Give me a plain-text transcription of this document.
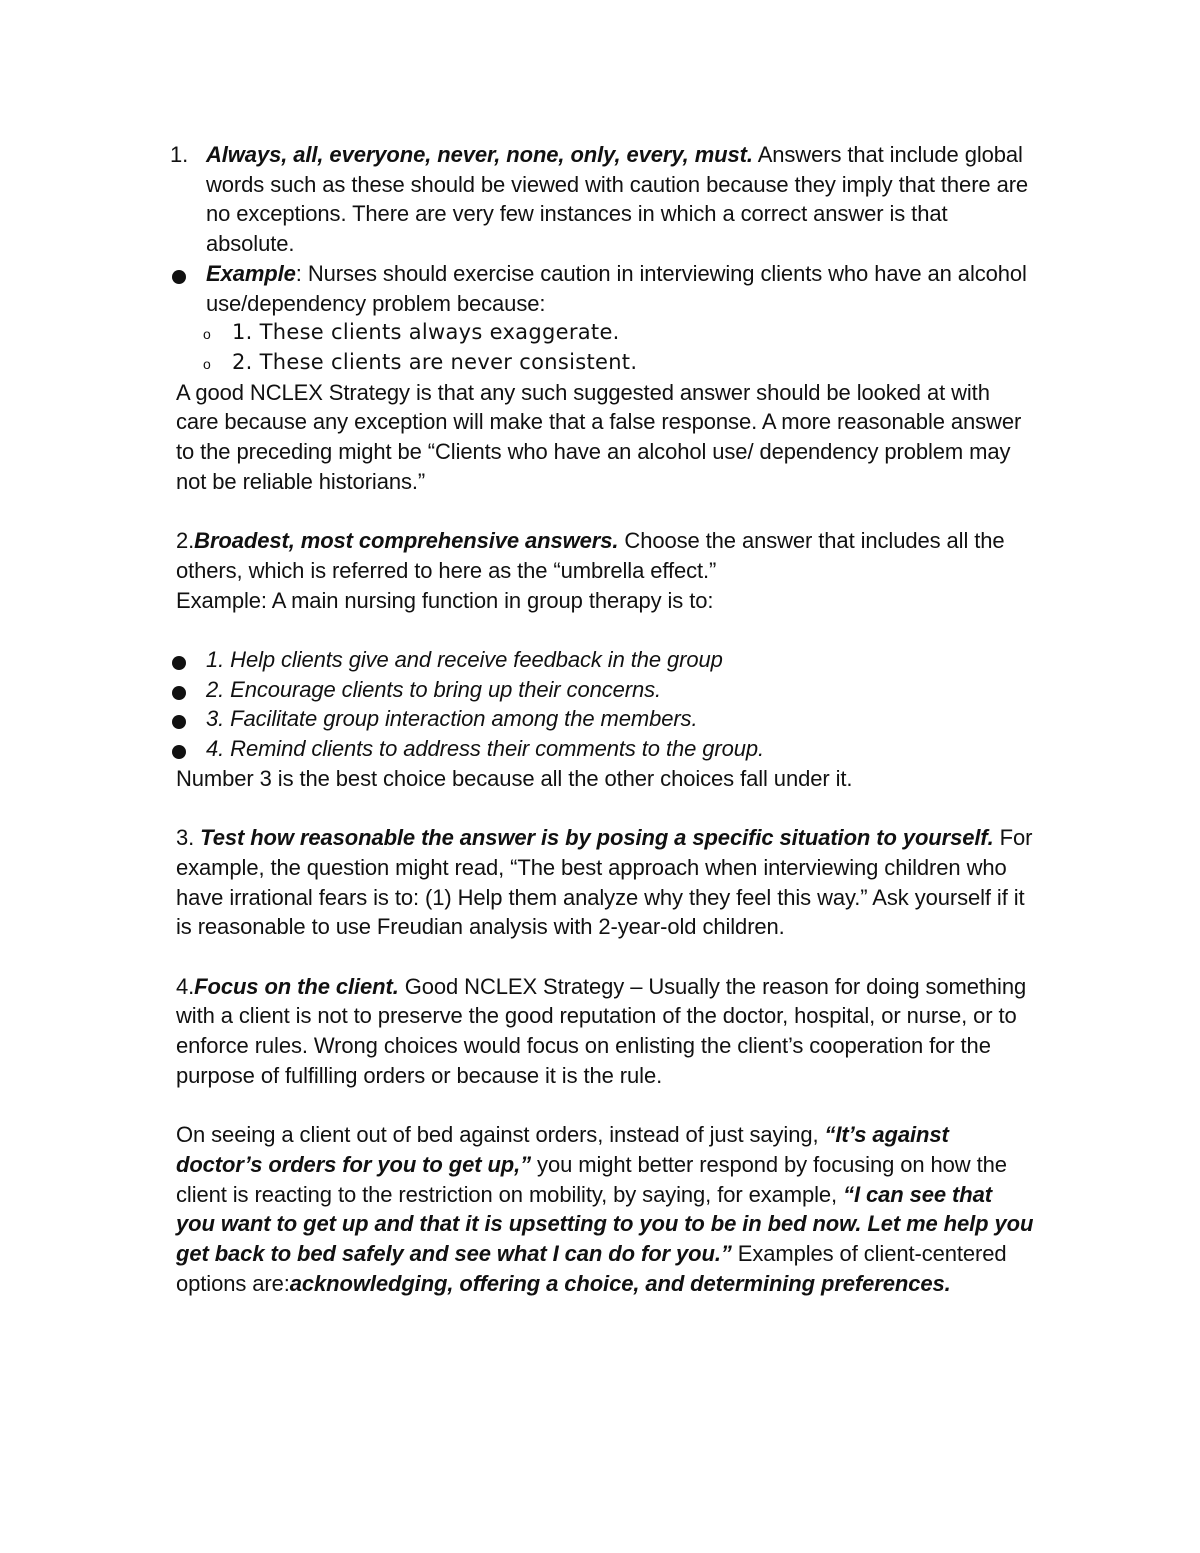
1. Always, all, everyone, never, none, only, every, must. Answers that include global words such as these should be viewed with caution because they imply that there are no exceptions. There are very few instances in which a correct answer is that absolute.

Example: Nurses should exercise caution in interviewing clients who have an alcohol use/dependency problem because:

o 1. These clients always exaggerate.

o 2. These clients are never consistent.

A good NCLEX Strategy is that any such suggested answer should be looked at with care because any exception will make that a false response. A more reasonable answer to the preceding might be “Clients who have an alcohol use/ dependency problem may not be reliable historians.”

2.Broadest, most comprehensive answers. Choose the answer that includes all the others, which is referred to here as the “umbrella effect.”

Example: A main nursing function in group therapy is to:

1. Help clients give and receive feedback in the group

2. Encourage clients to bring up their concerns.

3. Facilitate group interaction among the members.

4. Remind clients to address their comments to the group.

Number 3 is the best choice because all the other choices fall under it.

3. Test how reasonable the answer is by posing a specific situation to yourself. For example, the question might read, “The best approach when interviewing children who have irrational fears is to: (1) Help them analyze why they feel this way.” Ask yourself if it is reasonable to use Freudian analysis with 2-year-old children.

4.Focus on the client. Good NCLEX Strategy – Usually the reason for doing something with a client is not to preserve the good reputation of the doctor, hospital, or nurse, or to enforce rules. Wrong choices would focus on enlisting the client’s cooperation for the purpose of fulfilling orders or because it is the rule.

On seeing a client out of bed against orders, instead of just saying, “It’s against doctor’s orders for you to get up,” you might better respond by focusing on how the client is reacting to the restriction on mobility, by saying, for example, “I can see that you want to get up and that it is upsetting to you to be in bed now. Let me help you get back to bed safely and see what I can do for you.” Examples of client-centered options are:acknowledging, offering a choice, and determining preferences.
